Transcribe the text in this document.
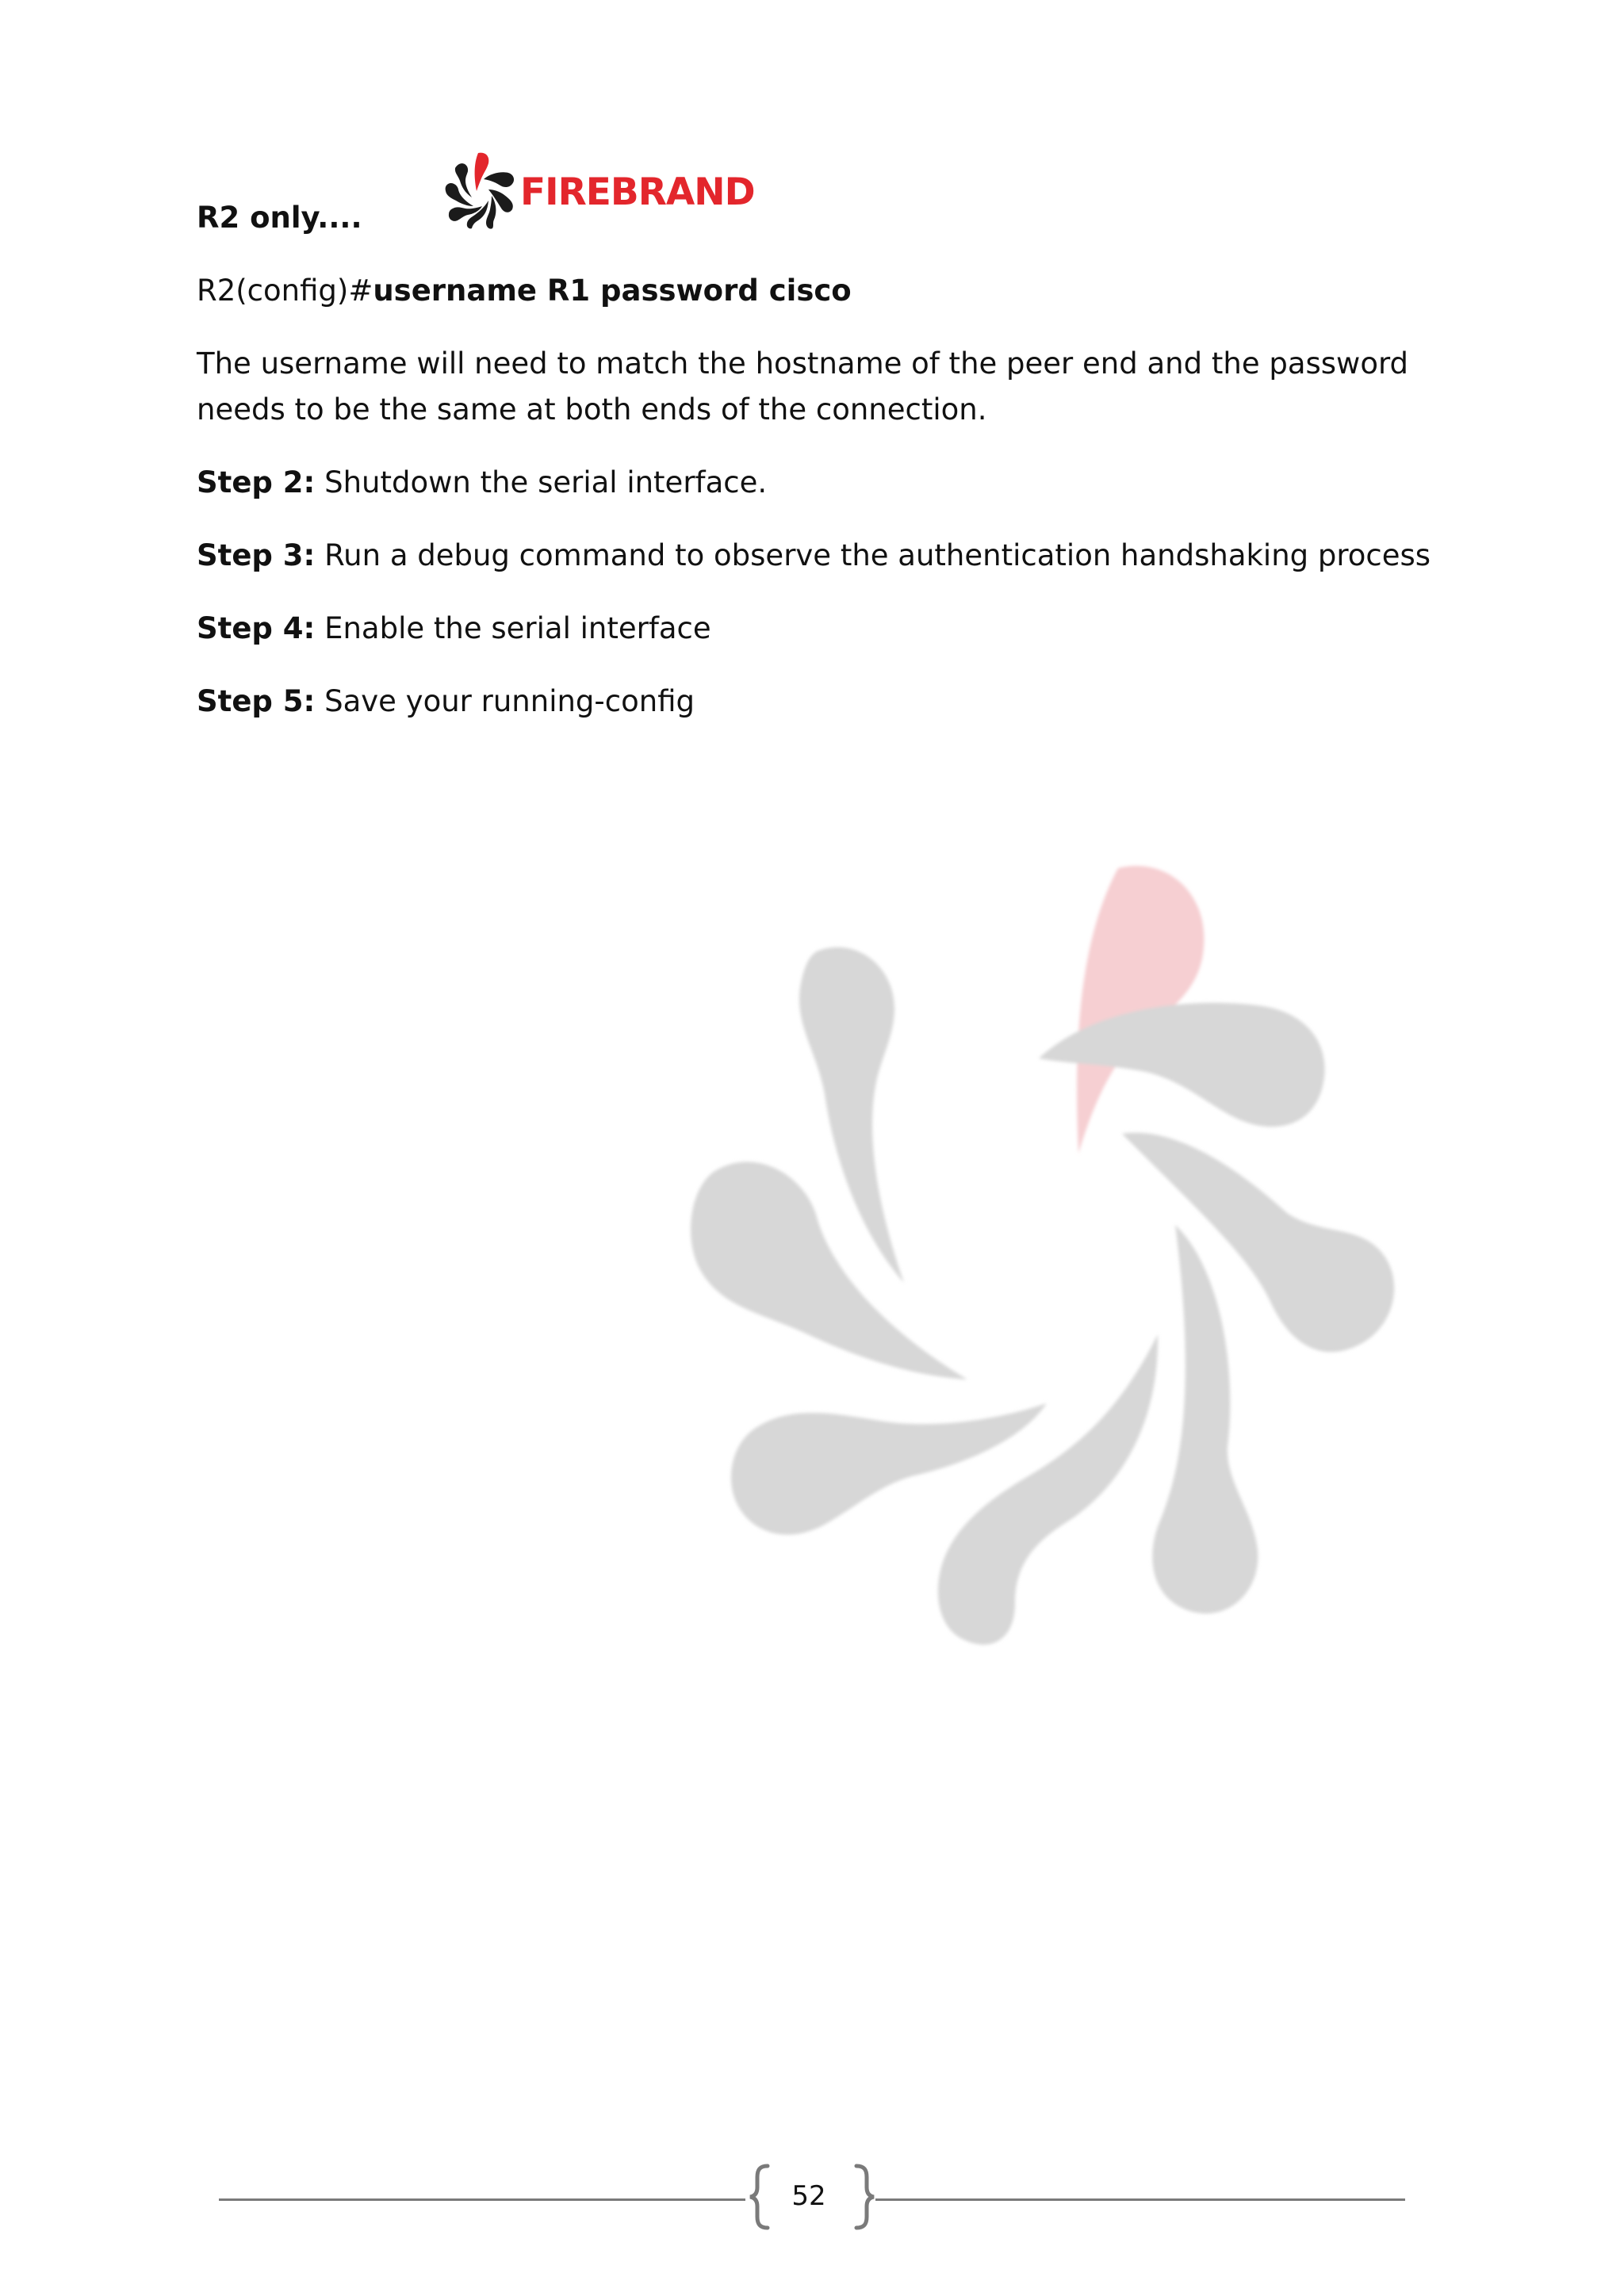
FIREBRAND

R2 only....

R2(config)#username R1 password cisco

The username will need to match the hostname of the peer end and the password needs to be the same at both ends of the connection.

Step 2: Shutdown the serial interface.

Step 3: Run a debug command to observe the authentication handshaking process

Step 4: Enable the serial interface

Step 5: Save your running-config

52
